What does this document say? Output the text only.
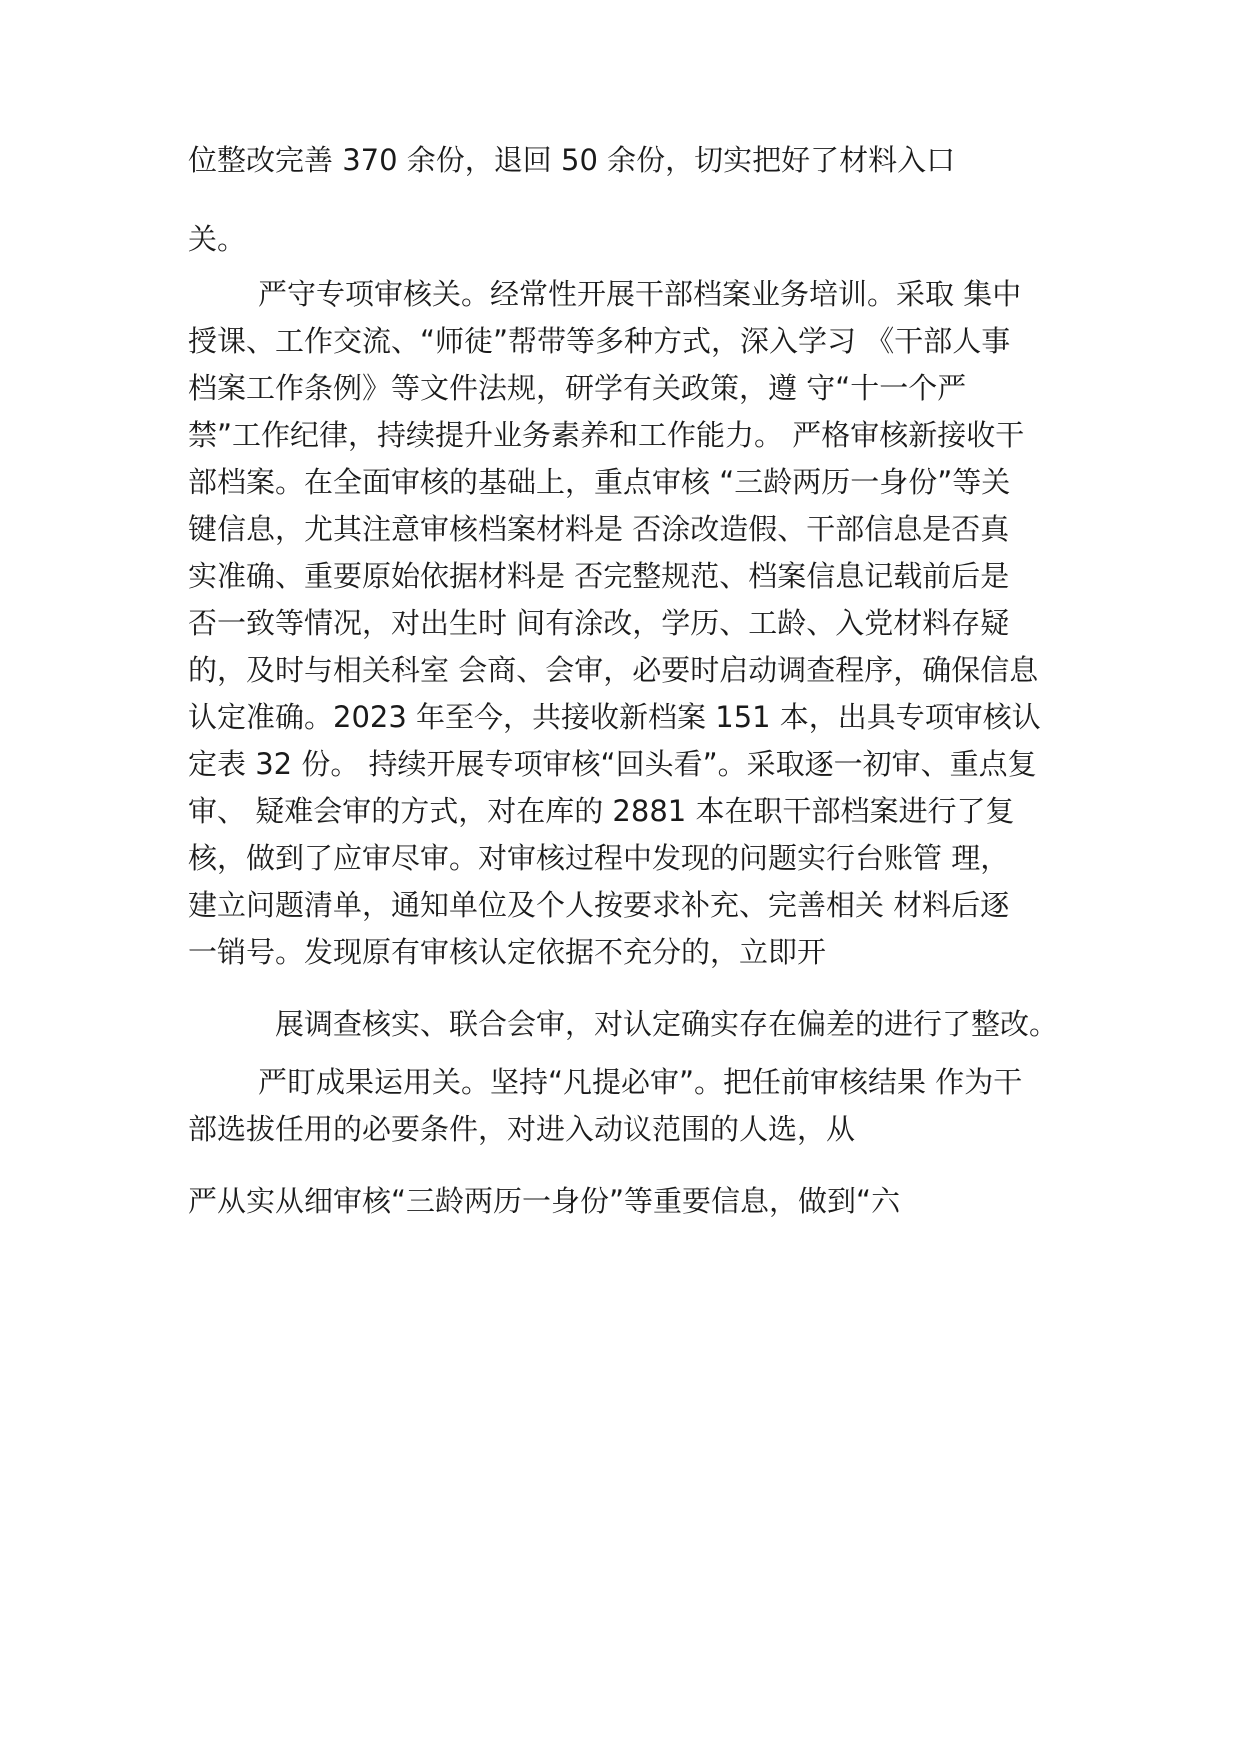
位整改完善 370 余份，退回 50 余份，切实把好了材料入口
关。
严守专项审核关。经常性开展干部档案业务培训。采取 集中
授课、工作交流、“师徒”帮带等多种方式，深入学习 《干部人事
档案工作条例》等文件法规，研学有关政策，遵 守“十一个严
禁”工作纪律，持续提升业务素养和工作能力。 严格审核新接收干
部档案。在全面审核的基础上，重点审核 “三龄两历一身份”等关
键信息，尤其注意审核档案材料是 否涂改造假、干部信息是否真
实准确、重要原始依据材料是 否完整规范、档案信息记载前后是
否一致等情况，对出生时 间有涂改，学历、工龄、入党材料存疑
的，及时与相关科室 会商、会审，必要时启动调查程序，确保信息
认定准确。2023 年至今，共接收新档案 151 本，出具专项审核认
定表 32 份。 持续开展专项审核“回头看”。采取逐一初审、重点复
审、 疑难会审的方式，对在库的 2881 本在职干部档案进行了复
核，做到了应审尽审。对审核过程中发现的问题实行台账管 理，
建立问题清单，通知单位及个人按要求补充、完善相关 材料后逐
一销号。发现原有审核认定依据不充分的，立即开
展调查核实、联合会审，对认定确实存在偏差的进行了整改。
严盯成果运用关。坚持“凡提必审”。把任前审核结果 作为干
部选拔任用的必要条件，对进入动议范围的人选，从
严从实从细审核“三龄两历一身份”等重要信息，做到“六
